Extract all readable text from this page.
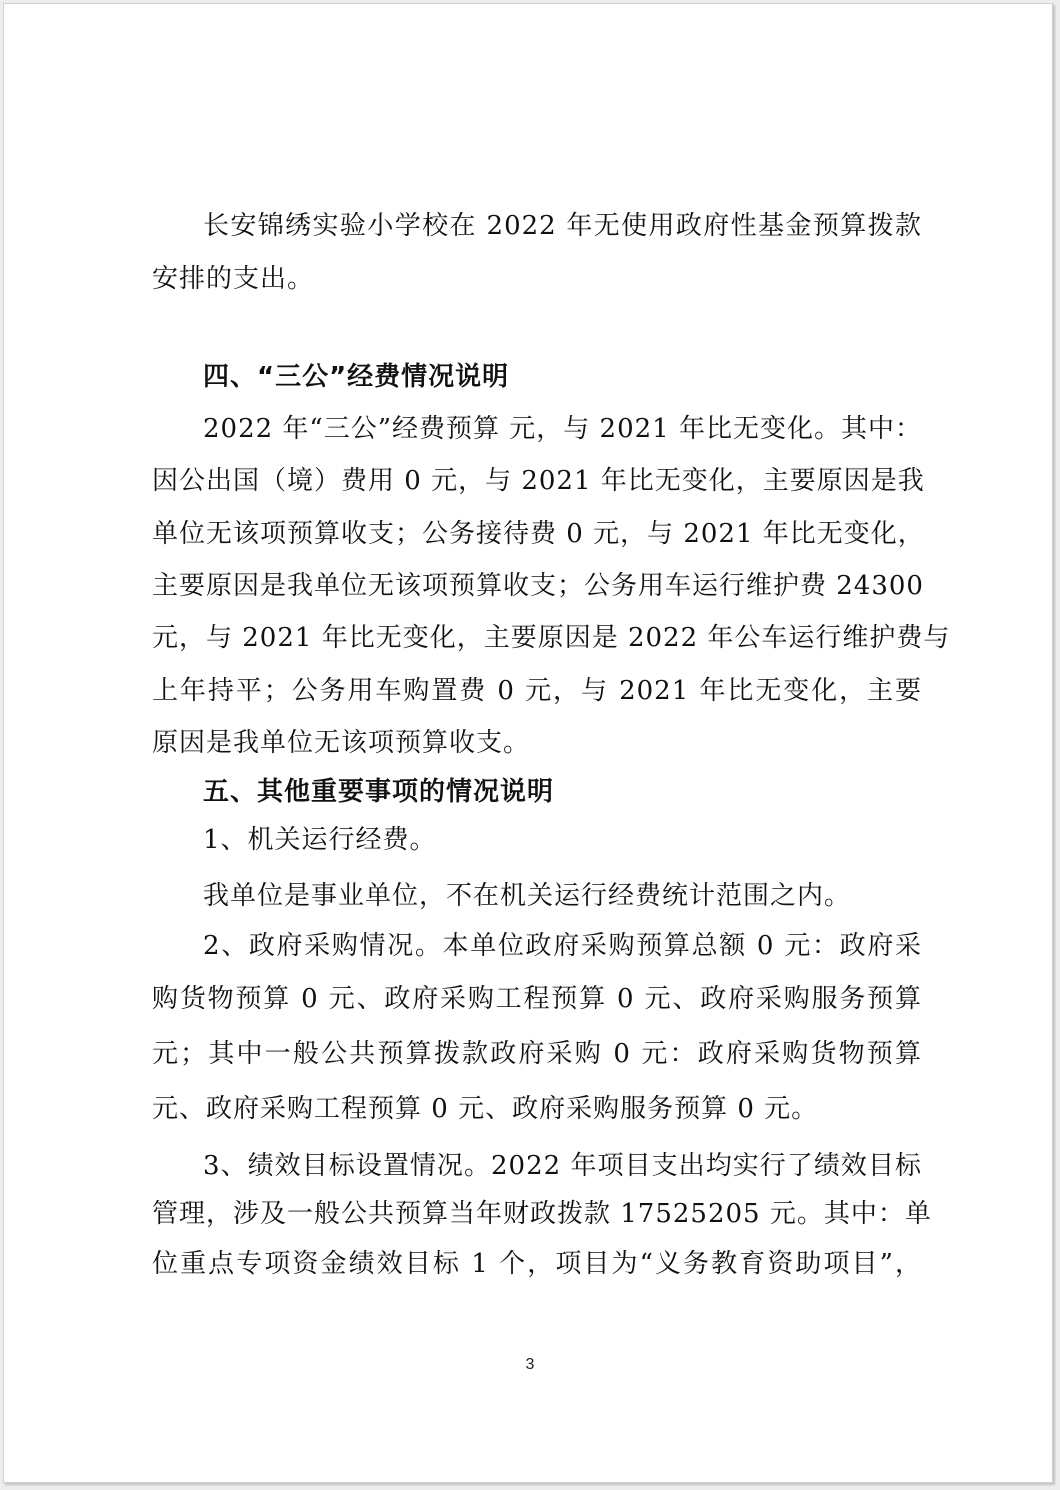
长安锦绣实验小学校在 2022 年无使用政府性基金预算拨款
安排的支出。
四、“三公”经费情况说明
2022 年“三公”经费预算 元，与 2021 年比无变化。其中：
因公出国（境）费用 0 元，与 2021 年比无变化，主要原因是我
单位无该项预算收支；公务接待费 0 元，与 2021 年比无变化，
主要原因是我单位无该项预算收支；公务用车运行维护费 24300
元，与 2021 年比无变化，主要原因是 2022 年公车运行维护费与
上年持平；公务用车购置费 0 元，与 2021 年比无变化，主要
原因是我单位无该项预算收支。
五、其他重要事项的情况说明
1、机关运行经费。
我单位是事业单位，不在机关运行经费统计范围之内。
2、政府采购情况。本单位政府采购预算总额 0 元：政府采
购货物预算 0 元、政府采购工程预算 0 元、政府采购服务预算
元；其中一般公共预算拨款政府采购 0 元：政府采购货物预算
元、政府采购工程预算 0 元、政府采购服务预算 0 元。
3、绩效目标设置情况。2022 年项目支出均实行了绩效目标
管理，涉及一般公共预算当年财政拨款 17525205 元。其中：单
位重点专项资金绩效目标 1 个，项目为“义务教育资助项目”，
3
